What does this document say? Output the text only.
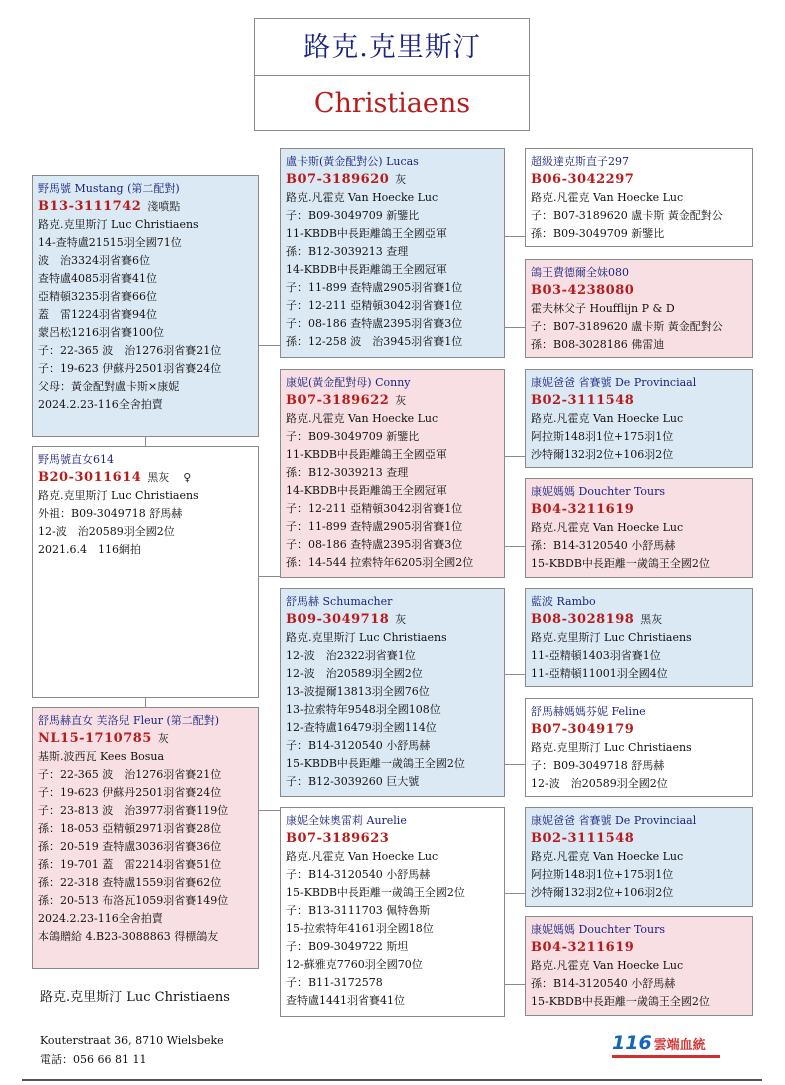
路克.克里斯汀
Christiaens
野馬號 Mustang (第二配對)
B13-3111742 淺噴點
路克.克里斯汀 Luc Christiaens
14-查特盧21515羽全國71位
波　治3324羽省賽6位
查特盧4085羽省賽41位
亞精頓3235羽省賽66位
蓋　雷1224羽省賽94位
蒙呂松1216羽省賽100位
子：22-365 波　治1276羽省賽21位
子：19-623 伊蘇丹2501羽省賽24位
父母：黃金配對盧卡斯×康妮
2024.2.23-116全舍拍賣
野馬號直女614
B20-3011614 黑灰 ♀
路克.克里斯汀 Luc Christiaens
外祖：B09-3049718 舒馬赫
12-波　治20589羽全國2位
2021.6.4　116網拍
舒馬赫直女 芙洛兒 Fleur (第二配對)
NL15-1710785 灰
基斯.波西瓦 Kees Bosua
子：22-365 波　治1276羽省賽21位
子：19-623 伊蘇丹2501羽省賽24位
子：23-813 波　治3977羽省賽119位
孫：18-053 亞精頓2971羽省賽28位
孫：20-519 查特盧3036羽省賽36位
孫：19-701 蓋　雷2214羽省賽51位
孫：22-318 查特盧1559羽省賽62位
孫：20-513 布洛瓦1059羽省賽149位
2024.2.23-116全舍拍賣
本鴿贈給 4.B23-3088863 得標鴿友
盧卡斯(黃金配對公) Lucas
B07-3189620 灰
路克.凡霍克 Van Hoecke Luc
子：B09-3049709 新鑒比
11-KBDB中長距離鴿王全國亞軍
孫：B12-3039213 查理
14-KBDB中長距離鴿王全國冠軍
子：11-899 查特盧2905羽省賽1位
子：12-211 亞精頓3042羽省賽1位
子：08-186 查特盧2395羽省賽3位
孫：12-258 波　治3945羽省賽1位
康妮(黃金配對母) Conny
B07-3189622 灰
路克.凡霍克 Van Hoecke Luc
子：B09-3049709 新鑒比
11-KBDB中長距離鴿王全國亞軍
孫：B12-3039213 查理
14-KBDB中長距離鴿王全國冠軍
子：12-211 亞精頓3042羽省賽1位
子：11-899 查特盧2905羽省賽1位
子：08-186 查特盧2395羽省賽3位
孫：14-544 拉索特年6205羽全國2位
舒馬赫 Schumacher
B09-3049718 灰
路克.克里斯汀 Luc Christiaens
12-波　治2322羽省賽1位
12-波　治20589羽全國2位
13-波提爾13813羽全國76位
13-拉索特年9548羽全國108位
12-查特盧16479羽全國114位
子：B14-3120540 小舒馬赫
15-KBDB中長距離一歲鴿王全國2位
子：B12-3039260 巨大號
康妮全妹奧雷莉 Aurelie
B07-3189623
路克.凡霍克 Van Hoecke Luc
子：B14-3120540 小舒馬赫
15-KBDB中長距離一歲鴿王全國2位
子：B13-3111703 佩特魯斯
15-拉索特年4161羽全國18位
子：B09-3049722 斯坦
12-蘇雅克7760羽全國70位
子：B11-3172578
查特盧1441羽省賽41位
超級達克斯直子297
B06-3042297
路克.凡霍克 Van Hoecke Luc
子：B07-3189620 盧卡斯 黃金配對公
孫：B09-3049709 新鑒比
鴿王費德爾全妹080
B03-4238080
霍夫林父子 Houfflijn P & D
子：B07-3189620 盧卡斯 黃金配對公
孫：B08-3028186 佛雷迪
康妮爸爸 省賽號 De Provinciaal
B02-3111548
路克.凡霍克 Van Hoecke Luc
阿拉斯148羽1位+175羽1位
沙特爾132羽2位+106羽2位
康妮媽媽 Douchter Tours
B04-3211619
路克.凡霍克 Van Hoecke Luc
孫：B14-3120540 小舒馬赫
15-KBDB中長距離一歲鴿王全國2位
藍波 Rambo
B08-3028198 黑灰
路克.克里斯汀 Luc Christiaens
11-亞精頓1403羽省賽1位
11-亞精頓11001羽全國4位
舒馬赫媽媽芬妮 Feline
B07-3049179
路克.克里斯汀 Luc Christiaens
子：B09-3049718 舒馬赫
12-波　治20589羽全國2位
康妮爸爸 省賽號 De Provinciaal
B02-3111548
路克.凡霍克 Van Hoecke Luc
阿拉斯148羽1位+175羽1位
沙特爾132羽2位+106羽2位
康妮媽媽 Douchter Tours
B04-3211619
路克.凡霍克 Van Hoecke Luc
孫：B14-3120540 小舒馬赫
15-KBDB中長距離一歲鴿王全國2位
路克.克里斯汀 Luc Christiaens
Kouterstraat 36, 8710 Wielsbeke
電話：056 66 81 11
116 雲端血統
